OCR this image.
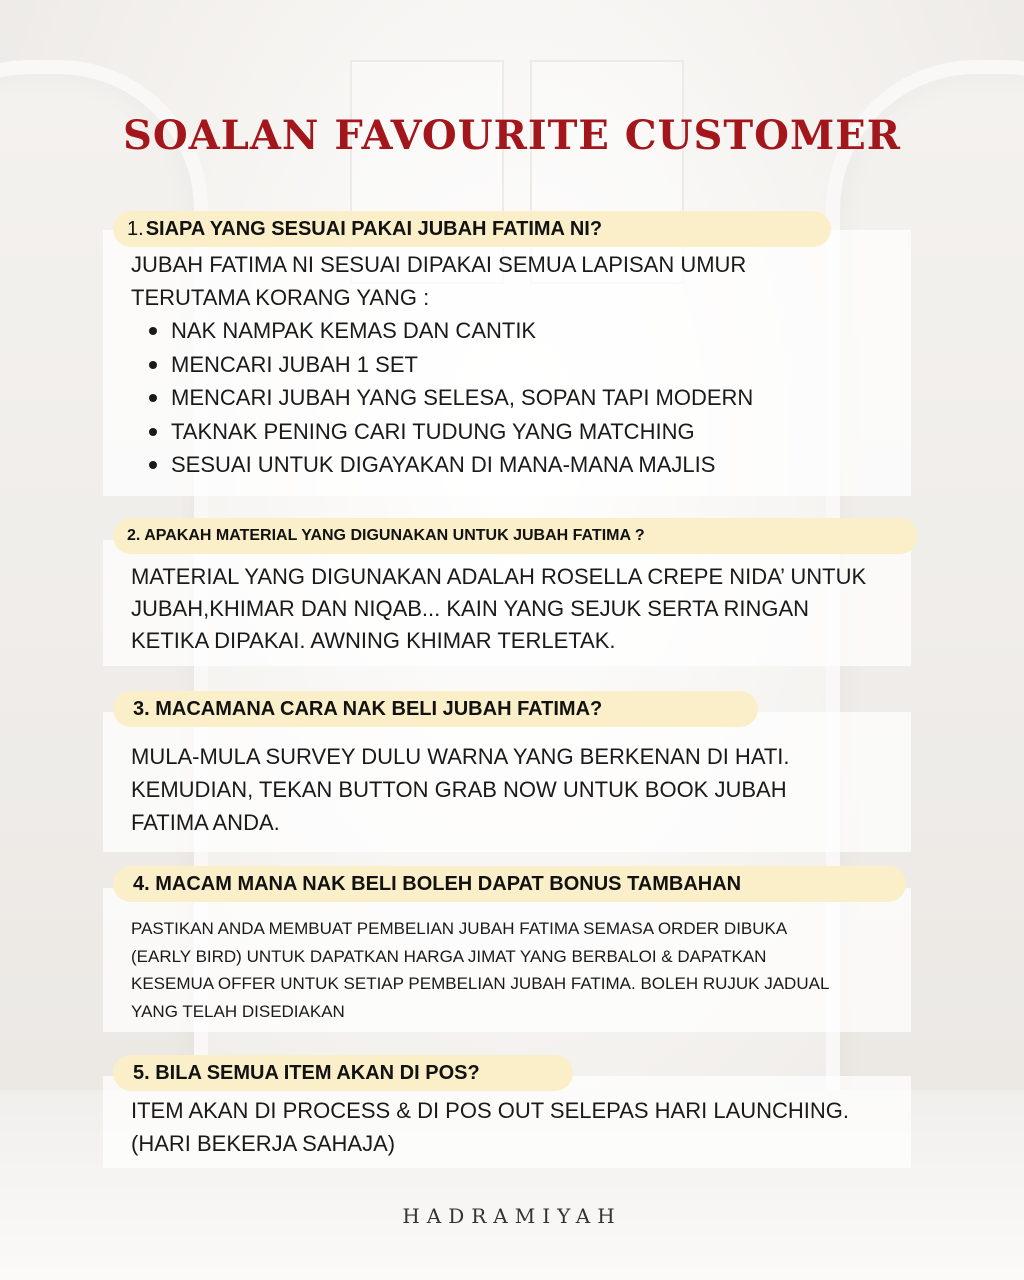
SOALAN FAVOURITE CUSTOMER
1. SIAPA YANG SESUAI PAKAI JUBAH FATIMA NI?
JUBAH FATIMA NI SESUAI DIPAKAI SEMUA LAPISAN UMUR
TERUTAMA KORANG YANG :
NAK NAMPAK KEMAS DAN CANTIK
MENCARI JUBAH 1 SET
MENCARI JUBAH YANG SELESA, SOPAN TAPI MODERN
TAKNAK PENING CARI TUDUNG YANG MATCHING
SESUAI UNTUK DIGAYAKAN DI MANA-MANA MAJLIS
2. APAKAH MATERIAL YANG DIGUNAKAN UNTUK JUBAH FATIMA ?
MATERIAL YANG DIGUNAKAN ADALAH ROSELLA CREPE NIDA’ UNTUK
JUBAH,KHIMAR DAN NIQAB... KAIN YANG SEJUK SERTA RINGAN
KETIKA DIPAKAI. AWNING KHIMAR TERLETAK.
3. MACAMANA CARA NAK BELI JUBAH FATIMA?
MULA-MULA SURVEY DULU WARNA YANG BERKENAN DI HATI.
KEMUDIAN, TEKAN BUTTON GRAB NOW UNTUK BOOK JUBAH
FATIMA ANDA.
4. MACAM MANA NAK BELI BOLEH DAPAT BONUS TAMBAHAN
PASTIKAN ANDA MEMBUAT PEMBELIAN JUBAH FATIMA SEMASA ORDER DIBUKA
(EARLY BIRD) UNTUK DAPATKAN HARGA JIMAT YANG BERBALOI & DAPATKAN
KESEMUA OFFER UNTUK SETIAP PEMBELIAN JUBAH FATIMA. BOLEH RUJUK JADUAL
YANG TELAH DISEDIAKAN
5. BILA SEMUA ITEM AKAN DI POS?
ITEM AKAN DI PROCESS & DI POS OUT SELEPAS HARI LAUNCHING.
(HARI BEKERJA SAHAJA)
HADRAMIYAH
